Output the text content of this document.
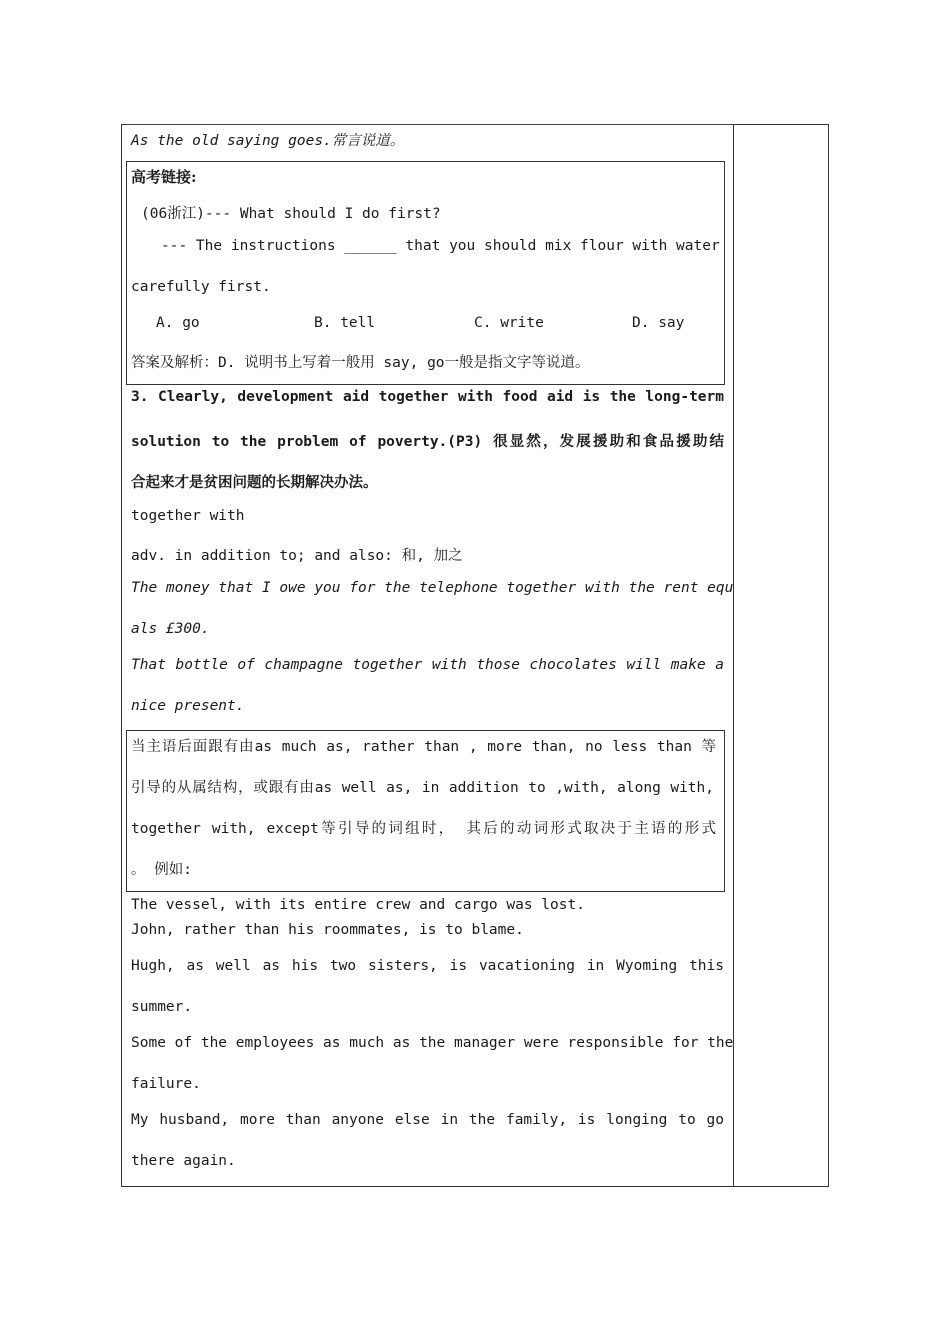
As the old saying goes.常言说道。
高考链接:
(06浙江)--- What should I do first?
--- The instructions ______ that you should mix flour with water
carefully first.
A. go	B. tell	C. write	D. say
答案及解析：D. 说明书上写着一般用 say, go一般是指文字等说道。
3. Clearly, development aid together with food aid is the long-term
solution to the problem of poverty.(P3) 很显然，发展援助和食品援助结
合起来才是贫困问题的长期解决办法。
together with
adv. in addition to; and also: 和, 加之
The money that I owe you for the telephone together with the rent equ
als £300.
That bottle of champagne together with those chocolates will make a
nice present.
当主语后面跟有由as much as, rather than , more than, no less than 等
引导的从属结构，或跟有由as well as, in addition to ,with, along with,
together with, except等引导的词组时， 其后的动词形式取决于主语的形式
。 例如:
The vessel, with its entire crew and cargo was lost.
John, rather than his roommates, is to blame.
Hugh, as well as his two sisters, is vacationing in Wyoming this
summer.
Some of the employees as much as the manager were responsible for the
failure.
My husband, more than anyone else in the family, is longing to go
there again.
